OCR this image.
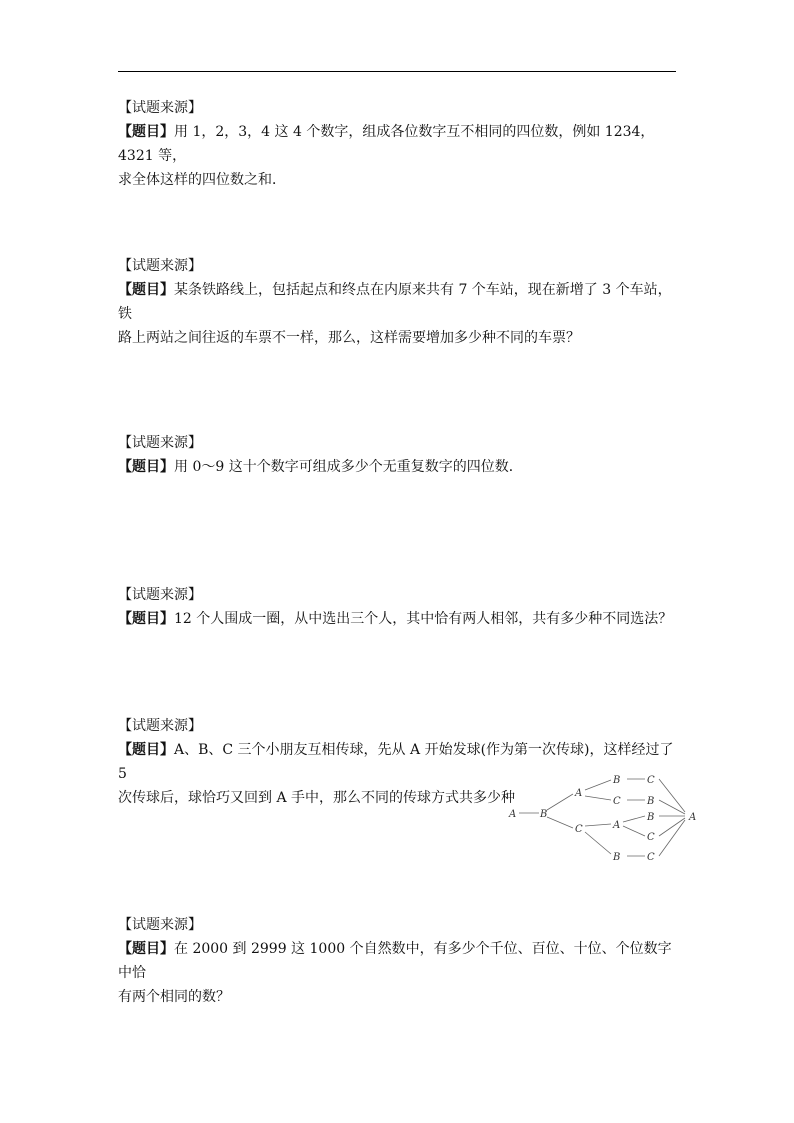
【试题来源】

【题目】用 1，2，3，4 这 4 个数字，组成各位数字互不相同的四位数，例如 1234，4321 等，

求全体这样的四位数之和．

【试题来源】

【题目】某条铁路线上，包括起点和终点在内原来共有 7 个车站，现在新增了 3 个车站，铁

路上两站之间往返的车票不一样，那么，这样需要增加多少种不同的车票？

【试题来源】

【题目】用 0～9 这十个数字可组成多少个无重复数字的四位数．

【试题来源】

【题目】12 个人围成一圈，从中选出三个人，其中恰有两人相邻，共有多少种不同选法？

【试题来源】

【题目】A、B、C 三个小朋友互相传球，先从 A 开始发球(作为第一次传球)，这样经过了 5

次传球后，球恰巧又回到 A 手中，那么不同的传球方式共多少种

A B
A
C
B	C
C	B
A
B
C
B	C
A

【试题来源】

【题目】在 2000 到 2999 这 1000 个自然数中，有多少个千位、百位、十位、个位数字中恰

有两个相同的数？
